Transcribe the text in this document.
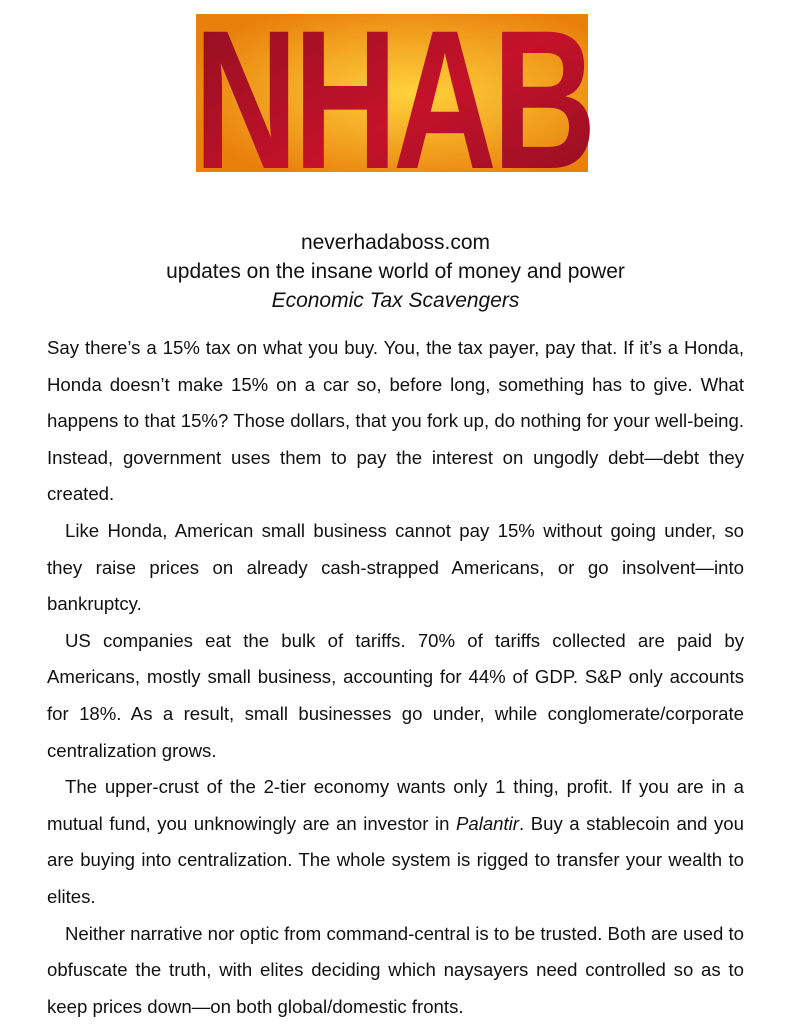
NHAB
neverhadaboss.com
updates on the insane world of money and power
Economic Tax Scavengers

Say there’s a 15% tax on what you buy. You, the tax payer, pay that. If it’s a Honda, Honda doesn’t make 15% on a car so, before long, something has to give. What happens to that 15%? Those dollars, that you fork up, do nothing for your well-being. Instead, government uses them to pay the interest on ungodly debt—debt they created.

Like Honda, American small business cannot pay 15% without going under, so they raise prices on already cash-strapped Americans, or go insolvent—into bankruptcy.

US companies eat the bulk of tariffs. 70% of tariffs collected are paid by Americans, mostly small business, accounting for 44% of GDP. S&P only accounts for 18%. As a result, small businesses go under, while conglomerate/corporate centralization grows.

The upper-crust of the 2-tier economy wants only 1 thing, profit. If you are in a mutual fund, you unknowingly are an investor in Palantir. Buy a stablecoin and you are buying into centralization. The whole system is rigged to transfer your wealth to elites.

Neither narrative nor optic from command-central is to be trusted. Both are used to obfuscate the truth, with elites deciding which naysayers need controlled so as to keep prices down—on both global/domestic fronts.
